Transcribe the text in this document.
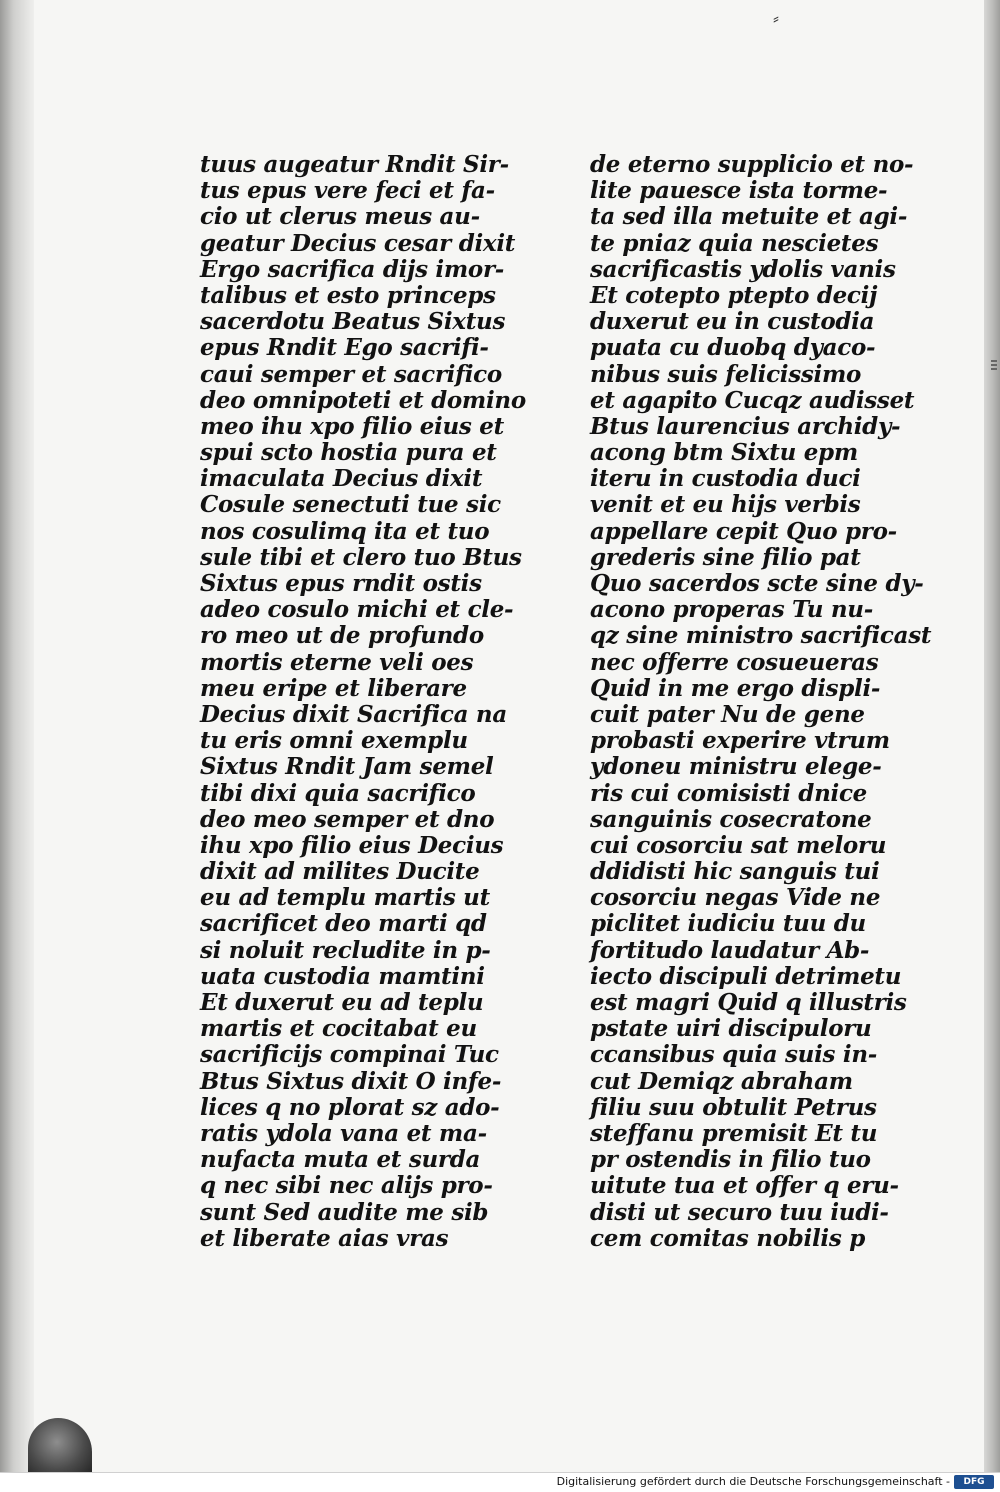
⸗
tuus augeatur Rndit Sir-
tus epus vere feci et fa-
cio ut clerus meus au-
geatur Decius cesar dixit
Ergo sacrifica dijs imor-
talibus et esto princeps
sacerdotu Beatus Sixtus
epus Rndit Ego sacrifi-
caui semper et sacrifico
deo omnipoteti et domino
meo ihu xpo filio eius et
spui scto hostia pura et
imaculata Decius dixit
Cosule senectuti tue sic
nos cosulimq ita et tuo
sule tibi et clero tuo Btus
Sixtus epus rndit ostis
adeo cosulo michi et cle-
ro meo ut de profundo
mortis eterne veli oes
meu eripe et liberare
Decius dixit Sacrifica na
tu eris omni exemplu
Sixtus Rndit Jam semel
tibi dixi quia sacrifico
deo meo semper et dno
ihu xpo filio eius Decius
dixit ad milites Ducite
eu ad templu martis ut
sacrificet deo marti qd
si noluit recludite in p-
uata custodia mamtini
Et duxerut eu ad teplu
martis et cocitabat eu
sacrificijs compinai Tuc
Btus Sixtus dixit O infe-
lices q no plorat sz ado-
ratis ydola vana et ma-
nufacta muta et surda
q nec sibi nec alijs pro-
sunt Sed audite me sib
et liberate aias vras
de eterno supplicio et no-
lite pauesce ista torme-
ta sed illa metuite et agi-
te pniaz quia nescietes
sacrificastis ydolis vanis
Et cotepto ptepto decij
duxerut eu in custodia
puata cu duobq dyaco-
nibus suis felicissimo
et agapito Cucqz audisset
Btus laurencius archidy-
acong btm Sixtu epm
iteru in custodia duci
venit et eu hijs verbis
appellare cepit Quo pro-
grederis sine filio pat
Quo sacerdos scte sine dy-
acono properas Tu nu-
qz sine ministro sacrificast
nec offerre cosueueras
Quid in me ergo displi-
cuit pater Nu de gene
probasti experire vtrum
ydoneu ministru elege-
ris cui comisisti dnice
sanguinis cosecratone
cui cosorciu sat meloru
ddidisti hic sanguis tui
cosorciu negas Vide ne
piclitet iudiciu tuu du
fortitudo laudatur Ab-
iecto discipuli detrimetu
est magri Quid q illustris
pstate uiri discipuloru
ccansibus quia suis in-
cut Demiqz abraham
filiu suu obtulit Petrus
steffanu premisit Et tu
pr ostendis in filio tuo
uitute tua et offer q eru-
disti ut securo tuu iudi-
cem comitas nobilis p
Digitalisierung gefördert durch die Deutsche Forschungsgemeinschaft -	DFG
